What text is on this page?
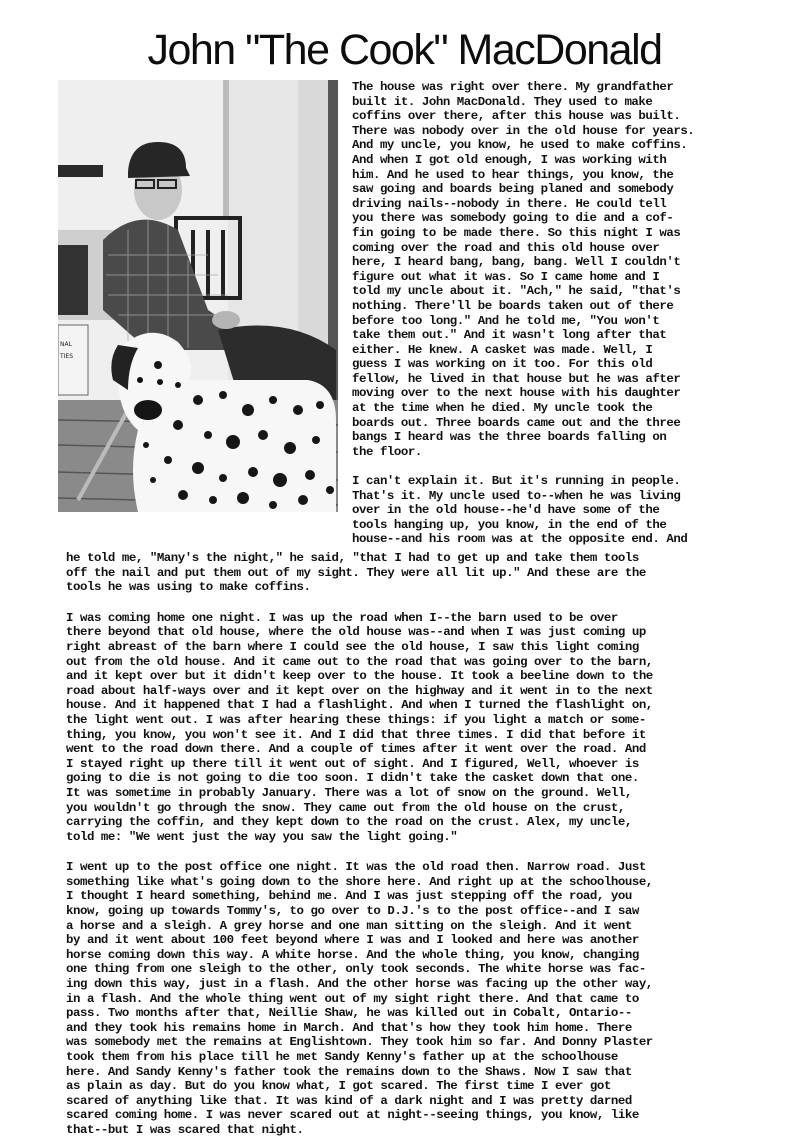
John "The Cook" MacDonald
NAL
TIES
The house was right over there. My grandfather
built it. John MacDonald. They used to make
coffins over there, after this house was built.
There was nobody over in the old house for years.
And my uncle, you know, he used to make coffins.
And when I got old enough, I was working with
him. And he used to hear things, you know, the
saw going and boards being planed and somebody
driving nails--nobody in there. He could tell
you there was somebody going to die and a cof-
fin going to be made there. So this night I was
coming over the road and this old house over
here, I heard bang, bang, bang. Well I couldn't
figure out what it was. So I came home and I
told my uncle about it. "Ach," he said, "that's
nothing. There'll be boards taken out of there
before too long." And he told me, "You won't
take them out." And it wasn't long after that
either. He knew. A casket was made. Well, I
guess I was working on it too. For this old
fellow, he lived in that house but he was after
moving over to the next house with his daughter
at the time when he died. My uncle took the
boards out. Three boards came out and the three
bangs I heard was the three boards falling on
the floor.
I can't explain it. But it's running in people.
That's it. My uncle used to--when he was living
over in the old house--he'd have some of the
tools hanging up, you know, in the end of the
house--and his room was at the opposite end. And
he told me, "Many's the night," he said, "that I had to get up and take them tools
off the nail and put them out of my sight. They were all lit up." And these are the
tools he was using to make coffins.
I was coming home one night. I was up the road when I--the barn used to be over
there beyond that old house, where the old house was--and when I was just coming up
right abreast of the barn where I could see the old house, I saw this light coming
out from the old house. And it came out to the road that was going over to the barn,
and it kept over but it didn't keep over to the house. It took a beeline down to the
road about half-ways over and it kept over on the highway and it went in to the next
house. And it happened that I had a flashlight. And when I turned the flashlight on,
the light went out. I was after hearing these things: if you light a match or some-
thing, you know, you won't see it. And I did that three times. I did that before it
went to the road down there. And a couple of times after it went over the road. And
I stayed right up there till it went out of sight. And I figured, Well, whoever is
going to die is not going to die too soon. I didn't take the casket down that one.
It was sometime in probably January. There was a lot of snow on the ground. Well,
you wouldn't go through the snow. They came out from the old house on the crust,
carrying the coffin, and they kept down to the road on the crust. Alex, my uncle,
told me: "We went just the way you saw the light going."
I went up to the post office one night. It was the old road then. Narrow road. Just
something like what's going down to the shore here. And right up at the schoolhouse,
I thought I heard something, behind me. And I was just stepping off the road, you
know, going up towards Tommy's, to go over to D.J.'s to the post office--and I saw
a horse and a sleigh. A grey horse and one man sitting on the sleigh. And it went
by and it went about 100 feet beyond where I was and I looked and here was another
horse coming down this way. A white horse. And the whole thing, you know, changing
one thing from one sleigh to the other, only took seconds. The white horse was fac-
ing down this way, just in a flash. And the other horse was facing up the other way,
in a flash. And the whole thing went out of my sight right there. And that came to
pass. Two months after that, Neillie Shaw, he was killed out in Cobalt, Ontario--
and they took his remains home in March. And that's how they took him home. There
was somebody met the remains at Englishtown. They took him so far. And Donny Plaster
took them from his place till he met Sandy Kenny's father up at the schoolhouse
here. And Sandy Kenny's father took the remains down to the Shaws. Now I saw that
as plain as day. But do you know what, I got scared. The first time I ever got
scared of anything like that. It was kind of a dark night and I was pretty darned
scared coming home. I was never scared out at night--seeing things, you know, like
that--but I was scared that night.
